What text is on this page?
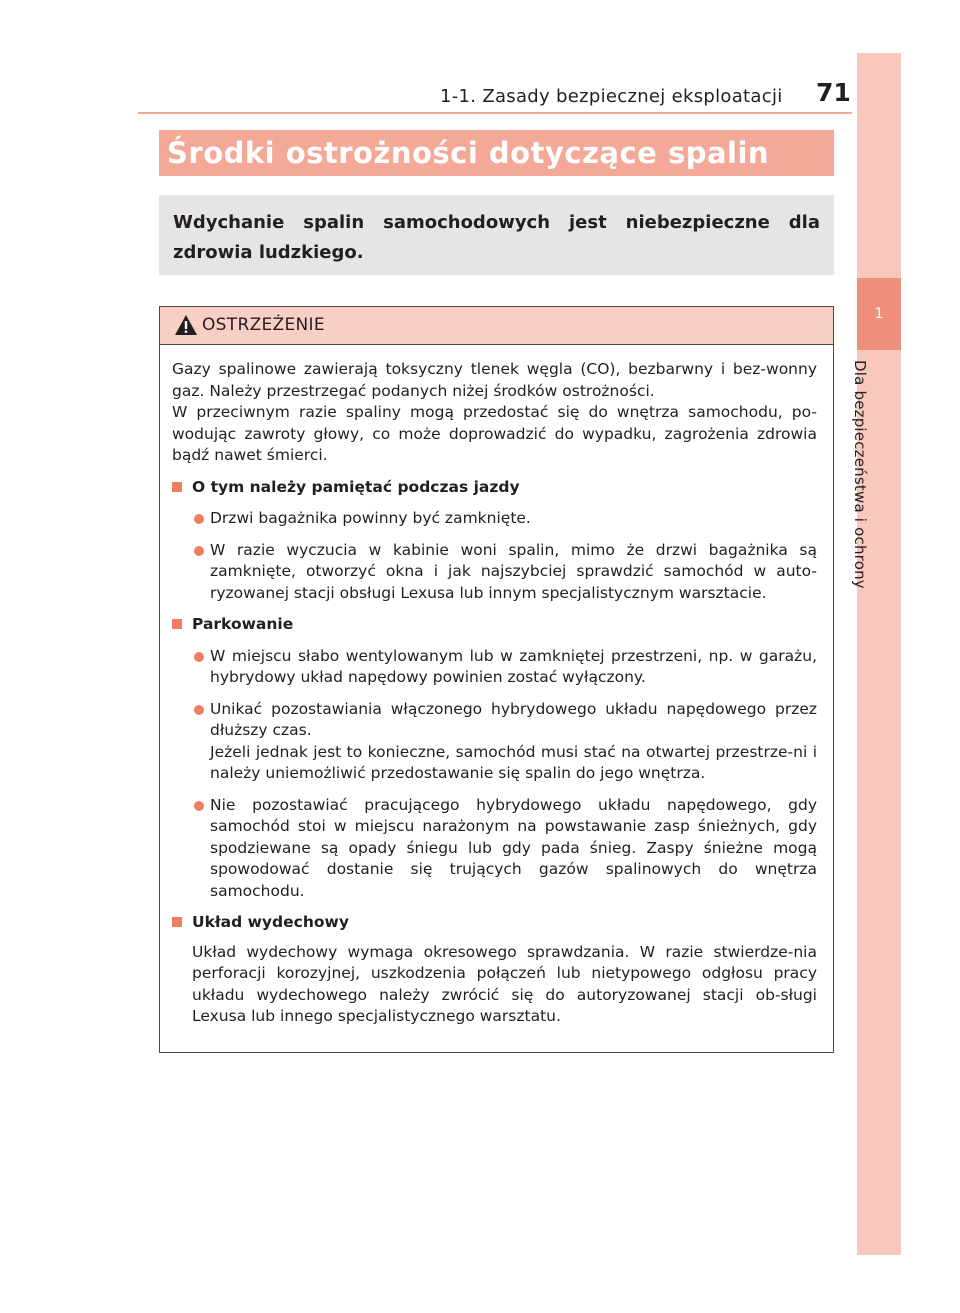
1-1. Zasady bezpiecznej eksploatacji 71
1
Dla bezpieczeństwa i ochrony
Środki ostrożności dotyczące spalin
Wdychanie spalin samochodowych jest niebezpieczne dla zdrowia ludzkiego.
OSTRZEŻENIE

Gazy spalinowe zawierają toksyczny tlenek węgla (CO), bezbarwny i bez-wonny gaz. Należy przestrzegać podanych niżej środków ostrożności.

W przeciwnym razie spaliny mogą przedostać się do wnętrza samochodu, po-wodując zawroty głowy, co może doprowadzić do wypadku, zagrożenia zdrowia bądź nawet śmierci.

O tym należy pamiętać podczas jazdy
Drzwi bagażnika powinny być zamknięte.
W razie wyczucia w kabinie woni spalin, mimo że drzwi bagażnika są zamknięte, otworzyć okna i jak najszybciej sprawdzić samochód w auto-ryzowanej stacji obsługi Lexusa lub innym specjalistycznym warsztacie.
Parkowanie
W miejscu słabo wentylowanym lub w zamkniętej przestrzeni, np. w garażu, hybrydowy układ napędowy powinien zostać wyłączony.
Unikać pozostawiania włączonego hybrydowego układu napędowego przez dłuższy czas.
Jeżeli jednak jest to konieczne, samochód musi stać na otwartej przestrze-ni i należy uniemożliwić przedostawanie się spalin do jego wnętrza.
Nie pozostawiać pracującego hybrydowego układu napędowego, gdy samochód stoi w miejscu narażonym na powstawanie zasp śnieżnych, gdy spodziewane są opady śniegu lub gdy pada śnieg. Zaspy śnieżne mogą spowodować dostanie się trujących gazów spalinowych do wnętrza samochodu.
Układ wydechowy
Układ wydechowy wymaga okresowego sprawdzania. W razie stwierdze-nia perforacji korozyjnej, uszkodzenia połączeń lub nietypowego odgłosu pracy układu wydechowego należy zwrócić się do autoryzowanej stacji ob-sługi Lexusa lub innego specjalistycznego warsztatu.
